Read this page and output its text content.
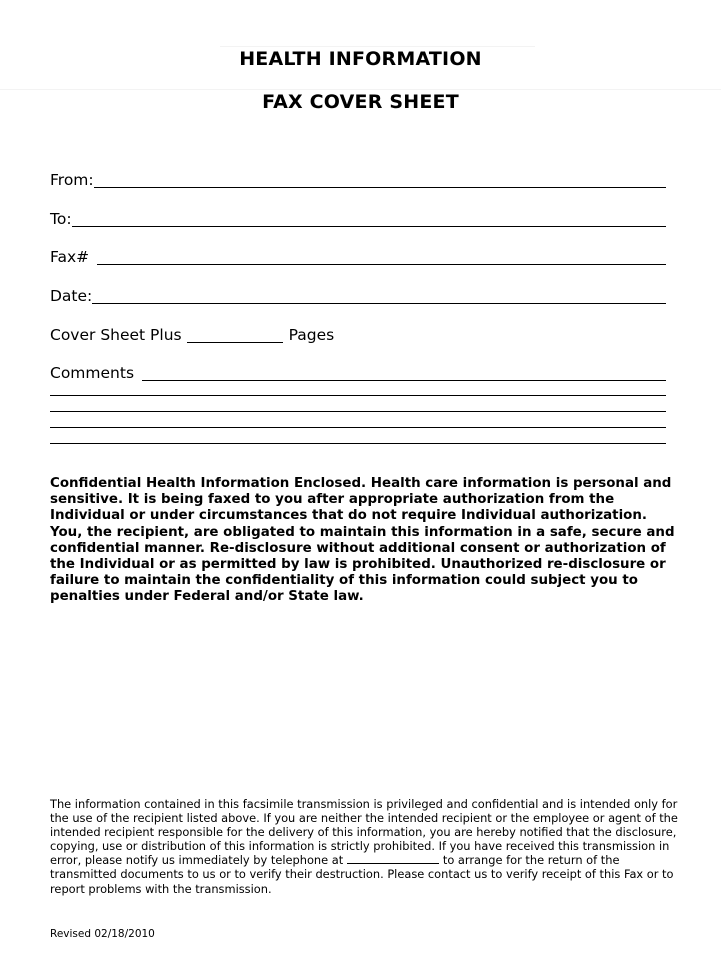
HEALTH INFORMATION
FAX COVER SHEET
From:
To:
Fax#
Date:
Cover Sheet Plus	Pages
Comments
Confidential Health Information Enclosed. Health care information is personal and sensitive. It is being faxed to you after appropriate authorization from the Individual or under circumstances that do not require Individual authorization. You, the recipient, are obligated to maintain this information in a safe, secure and confidential manner. Re-disclosure without additional consent or authorization of the Individual or as permitted by law is prohibited. Unauthorized re-disclosure or failure to maintain the confidentiality of this information could subject you to penalties under Federal and/or State law.
The information contained in this facsimile transmission is privileged and confidential and is intended only for the use of the recipient listed above. If you are neither the intended recipient or the employee or agent of the intended recipient responsible for the delivery of this information, you are hereby notified that the disclosure, copying, use or distribution of this information is strictly prohibited. If you have received this transmission in error, please notify us immediately by telephone at	to arrange for the return of the transmitted documents to us or to verify their destruction. Please contact us to verify receipt of this Fax or to report problems with the transmission.
Revised 02/18/2010
